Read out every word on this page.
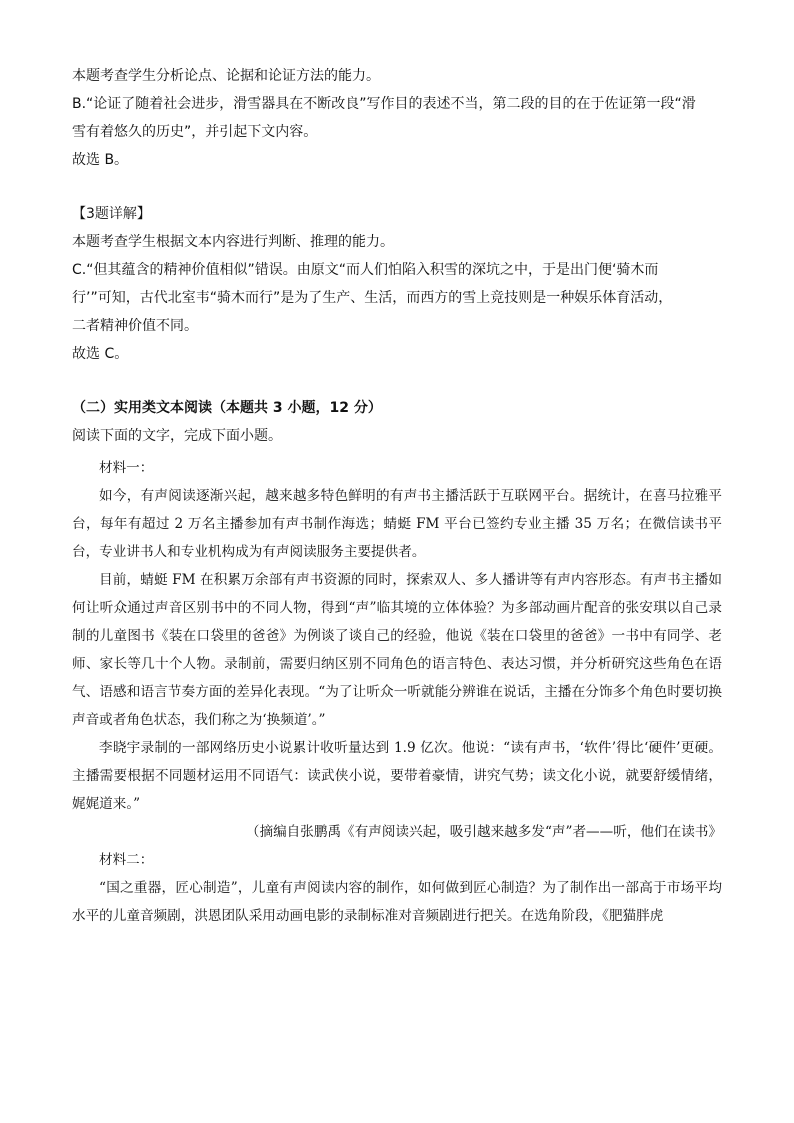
本题考查学生分析论点、论据和论证方法的能力。

B.“论证了随着社会进步，滑雪器具在不断改良”写作目的表述不当，第二段的目的在于佐证第一段“滑

雪有着悠久的历史”，并引起下文内容。

故选 B。

【3题详解】

本题考查学生根据文本内容进行判断、推理的能力。

C.“但其蕴含的精神价值相似”错误。由原文“而人们怕陷入积雪的深坑之中，于是出门便‘骑木而

行’”可知，古代北室韦“骑木而行”是为了生产、生活，而西方的雪上竞技则是一种娱乐体育活动，

二者精神价值不同。

故选 C。

（二）实用类文本阅读（本题共 3 小题，12 分）

阅读下面的文字，完成下面小题。

材料一：

如今，有声阅读逐渐兴起，越来越多特色鲜明的有声书主播活跃于互联网平台。据统计，在喜马拉雅平台，每年有超过 2 万名主播参加有声书制作海选；蜻蜓 FM 平台已签约专业主播 35 万名；在微信读书平台，专业讲书人和专业机构成为有声阅读服务主要提供者。

目前，蜻蜓 FM 在积累万余部有声书资源的同时，探索双人、多人播讲等有声内容形态。有声书主播如何让听众通过声音区别书中的不同人物，得到“声”临其境的立体体验？为多部动画片配音的张安琪以自己录制的儿童图书《装在口袋里的爸爸》为例谈了谈自己的经验，他说《装在口袋里的爸爸》一书中有同学、老师、家长等几十个人物。录制前，需要归纳区别不同角色的语言特色、表达习惯，并分析研究这些角色在语气、语感和语言节奏方面的差异化表现。“为了让听众一听就能分辨谁在说话，主播在分饰多个角色时要切换声音或者角色状态，我们称之为‘换频道’。”

李晓宇录制的一部网络历史小说累计收听量达到 1.9 亿次。他说：“读有声书，‘软件’得比‘硬件’更硬。主播需要根据不同题材运用不同语气：读武侠小说，要带着豪情，讲究气势；读文化小说，就要舒缓情绪，娓娓道来。”

（摘编自张鹏禹《有声阅读兴起，吸引越来越多发“声”者——听，他们在读书》

材料二：

“国之重器，匠心制造”，儿童有声阅读内容的制作，如何做到匠心制造？为了制作出一部高于市场平均水平的儿童音频剧，洪恩团队采用动画电影的录制标准对音频剧进行把关。在选角阶段，《肥猫胖虎
